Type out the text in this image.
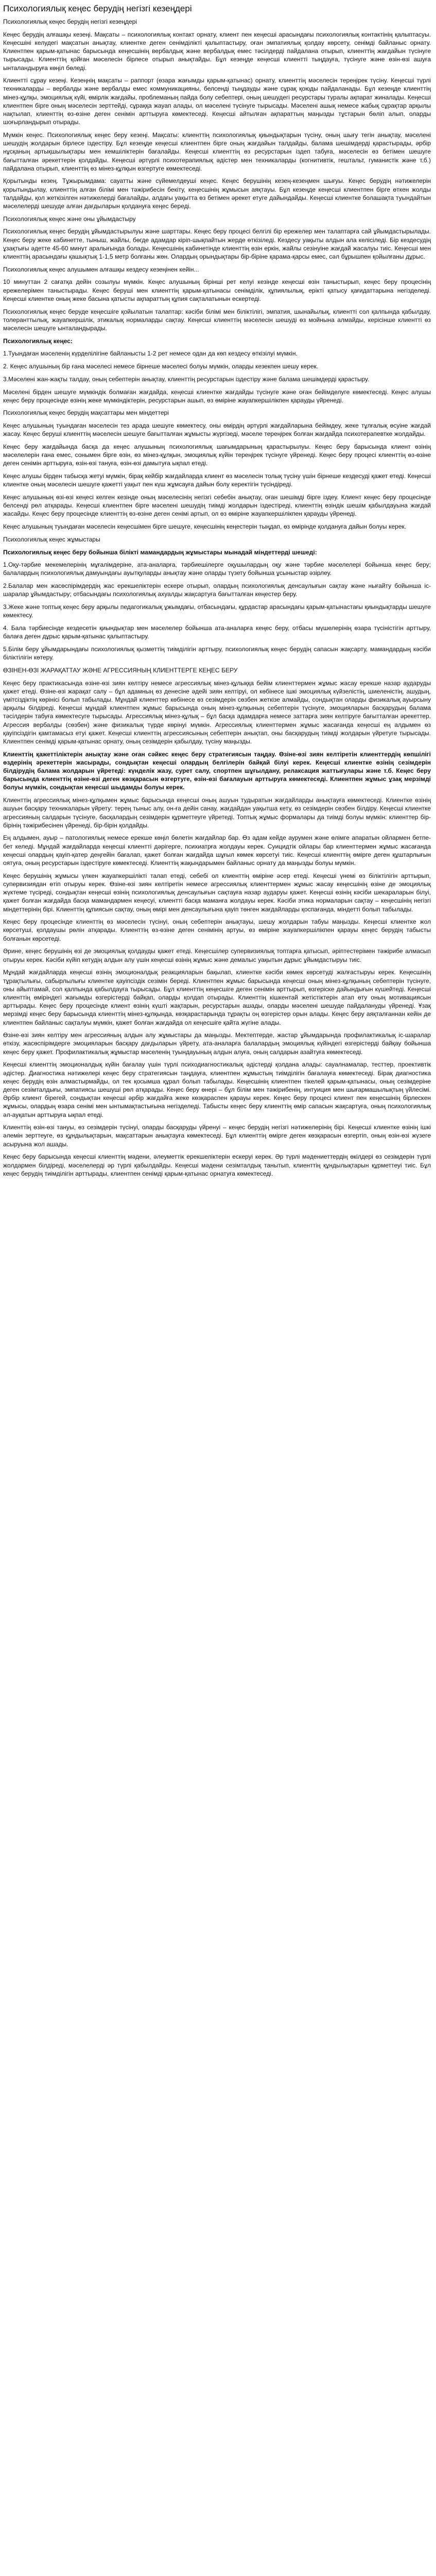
Психологиялық кеңес берудің негізгі кезеңдері

Психологиялық кеңес берудің негізгі кезеңдері

Кеңес берудің алғашқы кезеңі. Мақсаты – психологиялық контакт орнату, клиент пен кеңесші арасындағы психологиялық контактінің қалыптасуы. Кеңесшіні келудегі мақсатын анықтау, клиентке деген сенімділікті қалыптастыру, оған эмпатиялық қолдау көрсету, сенімді байланыс орнату. Клиентпен қарым-қатынас барысында кеңесшінің вербалдық және вербалдық емес тәсілдерді пайдалана отырып, клиенттің жағдайын түсінуге тырысады. Клиенттің қойған мәселесін бірлесе отырып анықтайды. Бұл кезеңде кеңесші клиентті тыңдауға, түсінуге және өзін-өзі ашуға ынталандыруға көңіл бөледі.

Клиентті сұрау кезеңі. Кезеңнің мақсаты – раппорт (өзара жағымды қарым-қатынас) орнату, клиенттің мәселесін тереңірек түсіну. Кеңесші түрлі техникаларды – вербалды және вербалды емес коммуникацияны, белсенді тыңдауды және сұрақ қоюды пайдаланады. Бұл кезеңде клиенттің мінез-құлқы, эмоциялық күйі, өмірлік жағдайы, проблеманың пайда болу себептері, оның шешудегі ресурстары туралы ақпарат жиналады. Кеңесші клиентпен бірге оның мәселесін зерттейді, сұраққа жауап алады, ол мәселені түсінуге тырысады. Мәселені ашық немесе жабық сұрақтар арқылы нақтылап, клиенттің өз-өзіне деген сенімін арттыруға көмектеседі. Кеңесші айтылған ақпараттың маңызды тұстарын бөліп алып, оларды шоғырландырып отырады.

Мүмкін кеңес. Психологиялық кеңес беру кезеңі. Мақсаты: клиенттің психологиялық қиындықтарын түсіну, оның шығу тегін анықтау, мәселені шешудің жолдарын бірлесе іздестіру. Бұл кезеңде кеңесші клиентпен бірге оның жағдайын талдайды, балама шешімдерді қарастырады, әрбір нұсқаның артықшылықтары мен кемшіліктерін бағалайды. Кеңесші клиенттің өз ресурстарын іздеп табуға, мәселесін өз бетімен шешуге бағытталған әрекеттерін қолдайды. Кеңесші әртүрлі психотерапиялық әдістер мен техникаларды (когнитивтік, гештальт, гуманистік және т.б.) пайдалана отырып, клиенттің өз мінез-құлқын өзгертуге көмектеседі.

Қорытынды кезең. Тұжырымдама: сауатты және сүйемелдеуші кеңес. Кеңес берушінің кезең-кезеңмен шығуы. Кеңес берудің нәтижелерін қорытындылау, клиенттің алған білімі мен тәжірибесін бекіту, кеңесшінің жұмысын аяқтауы. Бұл кезеңде кеңесші клиентпен бірге өткен жолды талдайды, қол жеткізілген нәтижелерді бағалайды, алдағы уақытта өз бетімен әрекет етуге дайындайды. Кеңесші клиентке болашақта туындайтын мәселелерді шешуде алған дағдыларын қолдануға кеңес береді.

Психологиялық кеңес және оны ұйымдастыру

Психологиялық кеңес берудің ұйымдастырылуы және шарттары. Кеңес беру процесі белгілі бір ережелер мен талаптарға сай ұйымдастырылады. Кеңес беру жеке кабинетте, тыныш, жайлы, бөгде адамдар кіріп-шықпайтын жерде өткізіледі. Кездесу уақыты алдын ала келісіледі. Бір кездесудің ұзақтығы әдетте 45-60 минут аралығында болады. Кеңесшінің кабинетінде клиенттің өзін еркін, жайлы сезінуіне жағдай жасалуы тиіс. Кеңесші мен клиенттің арасындағы қашықтық 1-1,5 метр болғаны жөн. Олардың орындықтары бір-біріне қарама-қарсы емес, сәл бұрышпен қойылғаны дұрыс.

Психологиялық кеңес алушымен алғашқы кездесу кезеңінен кейін...

10 минуттан 2 сағатқа дейін созылуы мүмкін. Кеңес алушының бірінші рет келуі кезінде кеңесші өзін таныстырып, кеңес беру процесінің ережелерімен таныстырады. Кеңес беруші мен клиенттің қарым-қатынасы сенімділік, құпиялылық, ерікті қатысу қағидаттарына негізделеді. Кеңесші клиентке оның жеке басына қатысты ақпараттың құпия сақталатынын ескертеді.

Психологиялық кеңес беруде кеңесшіге қойылатын талаптар: кәсіби білімі мен біліктілігі, эмпатия, шынайылық, клиентті сол қалпында қабылдау, толеранттылық, жауапкершілік, этикалық нормаларды сақтау. Кеңесші клиенттің мәселесін шешуді өз мойнына алмайды, керісінше клиентті өз мәселесін шешуге ынталандырады.

Психологиялық кеңес:

1.Туындаған мәселенің күрделілігіне байланысты 1-2 рет немесе одан да көп кездесу өткізілуі мүмкін.

2. Кеңес алушының бір ғана мәселесі немесе бірнеше мәселесі болуы мүмкін, оларды кезекпен шешу керек.

3.Мәселені жан-жақты талдау, оның себептерін анықтау, клиенттің ресурстарын іздестіру және балама шешімдерді қарастыру.

Мәселені бірден шешуге мүмкіндік болмаған жағдайда, кеңесші клиентке жағдайды түсінуге және оған бейімделуге көмектеседі. Кеңес алушы кеңес беру процесінде өзінің жеке мүмкіндіктерін, ресурстарын ашып, өз өміріне жауапкершілікпен қарауды үйренеді.

Психологиялық кеңес берудің мақсаттары мен міндеттері

Кеңес алушының туындаған мәселесін тез арада шешуге көмектесу, оны өмірдің әртүрлі жағдайларына бейімдеу, жеке тұлғалық өсуіне жағдай жасау. Кеңес беруші клиенттің мәселесін шешуге бағытталған жұмысты жүргізеді, мәселе тереңірек болған жағдайда психотерапевтке жолдайды.

Кеңес беру жағдайында басқа да кеңес алушының психологиялық шағымдарының қарастырылуы. Кеңес беру барысында клиент өзінің мәселелерін ғана емес, сонымен бірге өзін, өз мінез-құлқын, эмоциялық күйін тереңірек түсінуге үйренеді. Кеңес беру процесі клиенттің өз-өзіне деген сенімін арттыруға, өзін-өзі тануға, өзін-өзі дамытуға ықпал етеді.

Кеңес алушы бірден табысқа жетуі мүмкін, бірақ кейбір жағдайларда клиент өз мәселесін толық түсіну үшін бірнеше кездесуді қажет етеді. Кеңесші клиентке оның мәселесін шешуге қажетті уақыт пен күш жұмсауға дайын болу керектігін түсіндіреді.

Кеңес алушының өзі-өзі кеңесі келген кезінде оның мәселесінің негізгі себебін анықтау, оған шешімді бірге іздеу. Клиент кеңес беру процесінде белсенді рөл атқарады. Кеңесші клиентпен бірге мәселені шешудің тиімді жолдарын іздестіреді, клиенттің өзіндік шешім қабылдауына жағдай жасайды. Кеңес беру процесінде клиенттің өз-өзіне деген сенімі артып, ол өз өміріне жауапкершілікпен қарауды үйренеді.

Кеңес алушының туындаған мәселесін кеңесшімен бірге шешуге, кеңесшінің кеңестерін тыңдап, өз өмірінде қолдануға дайын болуы керек.

Психологиялық кеңес жұмыстары

Психологиялық кеңес беру бойынша білікті мамандардың жұмыстары мынадай міндеттерді шешеді:

1.Оқу-тәрбие мекемелерінің мұғалімдеріне, ата-аналарға, тәрбиешілерге оқушылардың оқу және тәрбие мәселелері бойынша кеңес беру; балалардың психологиялық дамуындағы ауытқуларды анықтау және оларды түзету бойынша ұсыныстар әзірлеу.

2.Балалар мен жасөспірімдердің жас ерекшеліктерін ескере отырып, олардың психологиялық денсаулығын сақтау және нығайту бойынша іс-шаралар ұйымдастыру; отбасындағы психологиялық ахуалды жақсартуға бағытталған кеңестер беру.

3.Жеке және топтық кеңес беру арқылы педагогикалық ұжымдағы, отбасындағы, құрдастар арасындағы қарым-қатынастағы қиындықтарды шешуге көмектесу.

4. Бала тәрбиесінде кездесетін қиындықтар мен мәселелер бойынша ата-аналарға кеңес беру, отбасы мүшелерінің өзара түсіністігін арттыру, балаға деген дұрыс қарым-қатынас қалыптастыру.

5.Білім беру ұйымдарындағы психологиялық қызметтің тиімділігін арттыру, психологиялық кеңес берудің сапасын жақсарту, мамандардың кәсіби біліктілігін көтеру.

ӨЗІНЕН-ӨЗІ ЖАРАҚАТТАУ ЖӘНЕ АГРЕССИЯНЫҢ КЛИЕНТТЕРГЕ КЕҢЕС БЕРУ

Кеңес беру практикасында өзіне-өзі зиян келтіру немесе агрессиялық мінез-құлыққа бейім клиенттермен жұмыс жасау ерекше назар аударуды қажет етеді. Өзіне-өзі жарақат салу – бұл адамның өз денесіне әдейі зиян келтіруі, ол көбінесе ішкі эмоциялық күйзелістің, шиеленістің, ашудың, үмітсіздіктің көрінісі болып табылады. Мұндай клиенттер көбінесе өз сезімдерін сөзбен жеткізе алмайды, сондықтан оларды физикалық ауырсыну арқылы білдіреді. Кеңесші мұндай клиентпен жұмыс барысында оның мінез-құлқының себептерін түсінуге, эмоцияларын басқарудың балама тәсілдерін табуға көмектесуге тырысады. Агрессиялық мінез-құлық – бұл басқа адамдарға немесе заттарға зиян келтіруге бағытталған әрекеттер. Агрессия вербалды (сөзбен) және физикалық түрде көрінуі мүмкін. Агрессиялық клиенттермен жұмыс жасағанда кеңесші ең алдымен өз қауіпсіздігін қамтамасыз етуі қажет. Кеңесші клиенттің агрессиясының себептерін анықтап, оны басқарудың тиімді жолдарын үйретуге тырысады. Клиентпен сенімді қарым-қатынас орнату, оның сезімдерін қабылдау, түсіну маңызды.

Клиенттің қажеттіліктерін анықтау және оған сәйкес кеңес беру стратегиясын таңдау. Өзіне-өзі зиян келтіретін клиенттердің көпшілігі өздерінің әрекеттерін жасырады, сондықтан кеңесші олардың белгілерін байқай білуі керек. Кеңесші клиентке өзінің сезімдерін білдірудің балама жолдарын үйретеді: күнделік жазу, сурет салу, спортпен шұғылдану, релаксация жаттығулары және т.б. Кеңес беру барысында клиенттің өзіне-өзі деген көзқарасын өзгертуге, өзін-өзі бағалауын арттыруға көмектеседі. Клиентпен жұмыс ұзақ мерзімді болуы мүмкін, сондықтан кеңесші шыдамды болуы керек.

Клиенттің агрессиялық мінез-құлқымен жұмыс барысында кеңесші оның ашуын тудыратын жағдайларды анықтауға көмектеседі. Клиентке өзінің ашуын басқару техникаларын үйрету: терең тыныс алу, он-ға дейін санау, жағдайдан уақытша кету, өз сезімдерін сөзбен білдіру. Кеңесші клиентке агрессияның салдарын түсінуге, басқалардың сезімдерін құрметтеуге үйретеді. Топтық жұмыс формалары да тиімді болуы мүмкін: клиенттер бір-бірінің тәжірибесінен үйренеді, бір-бірін қолдайды.

Ең алдымен, ауыр – патологиялық немесе ерекше көңіл бөлетін жағдайлар бар. Өз адам кейде аурумен және өлімге апаратын ойлармен бетпе-бет келеді. Мұндай жағдайларда кеңесші клиентті дәрігерге, психиатрға жолдауы керек. Суицидтік ойлары бар клиенттермен жұмыс жасағанда кеңесші олардың қауіп-қатер деңгейін бағалап, қажет болған жағдайда шұғыл көмек көрсетуі тиіс. Кеңесші клиенттің өмірге деген құштарлығын оятуға, оның ресурстарын іздестіруге көмектеседі. Клиенттің жақындарымен байланыс орнату да маңызды болуы мүмкін.

Кеңес берушінің жұмысы үлкен жауапкершілікті талап етеді, себебі ол клиенттің өміріне әсер етеді. Кеңесші үнемі өз біліктілігін арттырып, супервизиядан өтіп отыруы керек. Өзіне-өзі зиян келтіретін немесе агрессиялық клиенттермен жұмыс жасау кеңесшінің өзіне де эмоциялық жүктеме түсіреді, сондықтан кеңесші өзінің психологиялық денсаулығын сақтауға назар аударуы қажет. Кеңесші өзінің кәсіби шекараларын білуі, қажет болған жағдайда басқа мамандармен кеңесуі, клиентті басқа маманға жолдауы керек. Кәсіби этика нормаларын сақтау – кеңесшінің негізгі міндеттерінің бірі. Клиенттің құпиясын сақтау, оның өмірі мен денсаулығына қауіп төнген жағдайларды қоспағанда, міндетті болып табылады.

Кеңес беру процесінде клиенттің өз мәселесін түсінуі, оның себептерін анықтауы, шешу жолдарын табуы маңызды. Кеңесші клиентке жол көрсетуші, қолдаушы рөлін атқарады. Клиенттің өз-өзіне деген сенімінің артуы, өз өміріне жауапкершілікпен қарауы кеңес берудің табысты болғанын көрсетеді.

Әрине, кеңес берушінің өзі де эмоциялық қолдауды қажет етеді. Кеңесшілер супервизиялық топтарға қатысып, әріптестерімен тәжірибе алмасып отыруы керек. Кәсіби күйіп кетудің алдын алу үшін кеңесші өзінің жұмыс және демалыс уақытын дұрыс ұйымдастыруы тиіс.

Мұндай жағдайларда кеңесші өзінің эмоционалдық реакцияларын бақылап, клиентке кәсіби көмек көрсетуді жалғастыруы керек. Кеңесшінің тұрақтылығы, сабырлылығы клиентке қауіпсіздік сезімін береді. Клиентпен жұмыс барысында кеңесші оның мінез-құлқының себептерін түсінуге, оны айыптамай, сол қалпында қабылдауға тырысады. Бұл клиенттің кеңесшіге деген сенімін арттырып, өзгеріске дайындығын күшейтеді. Кеңесші клиенттің өміріндегі жағымды өзгерістерді байқап, оларды қолдап отырады. Клиенттің кішкентай жетістіктерін атап өту оның мотивациясын арттырады. Кеңес беру процесінде клиент өзінің күшті жақтарын, ресурстарын ашады, оларды мәселені шешуде пайдалануды үйренеді. Ұзақ мерзімді кеңес беру барысында клиенттің мінез-құлқында, көзқарастарында тұрақты оң өзгерістер орын алады. Кеңес беру аяқталғаннан кейін де клиентпен байланыс сақталуы мүмкін, қажет болған жағдайда ол кеңесшіге қайта жүгіне алады.

Өзіне-өзі зиян келтіру мен агрессияның алдын алу жұмыстары да маңызды. Мектептерде, жастар ұйымдарында профилактикалық іс-шаралар өткізу, жасөспірімдерге эмоцияларын басқару дағдыларын үйрету, ата-аналарға балалардың эмоциялық күйіндегі өзгерістерді байқау бойынша кеңес беру қажет. Профилактикалық жұмыстар мәселенің туындауының алдын алуға, оның салдарын азайтуға көмектеседі.

Кеңесші клиенттің эмоционалдық күйін бағалау үшін түрлі психодиагностикалық әдістерді қолдана алады: сауалнамалар, тесттер, проективтік әдістер. Диагностика нәтижелері кеңес беру стратегиясын таңдауға, клиентпен жұмыстың тиімділігін бағалауға көмектеседі. Бірақ диагностика кеңес берудің өзін алмастырмайды, ол тек қосымша құрал болып табылады. Кеңесшінің клиентпен тікелей қарым-қатынасы, оның сезімдеріне деген сезімталдығы, эмпатиясы шешуші рөл атқарады. Кеңес беру өнері – бұл білім мен тәжірибенің, интуиция мен шығармашылықтың үйлесімі. Әрбір клиент бірегей, сондықтан кеңесші әрбір жағдайға жеке көзқараспен қарауы керек. Кеңес беру процесі клиент пен кеңесшінің бірлескен жұмысы, олардың өзара сенімі мен ынтымақтастығына негізделеді. Табысты кеңес беру клиенттің өмір сапасын жақсартуға, оның психологиялық әл-ауқатын арттыруға ықпал етеді.

Клиенттің өзін-өзі тануы, өз сезімдерін түсінуі, оларды басқаруды үйренуі – кеңес берудің негізгі нәтижелерінің бірі. Кеңесші клиентке өзінің ішкі әлемін зерттеуге, өз құндылықтарын, мақсаттарын анықтауға көмектеседі. Бұл клиенттің өмірге деген көзқарасын өзгертіп, оның өзін-өзі жүзеге асыруына жол ашады.

Кеңес беру барысында кеңесші клиенттің мәдени, әлеуметтік ерекшеліктерін ескеруі керек. Әр түрлі мәдениеттердің өкілдері өз сезімдерін түрлі жолдармен білдіреді, мәселелерді әр түрлі қабылдайды. Кеңесші мәдени сезімталдық танытып, клиенттің құндылықтарын құрметтеуі тиіс. Бұл кеңес берудің тиімділігін арттырады, клиентпен сенімді қарым-қатынас орнатуға көмектеседі.
